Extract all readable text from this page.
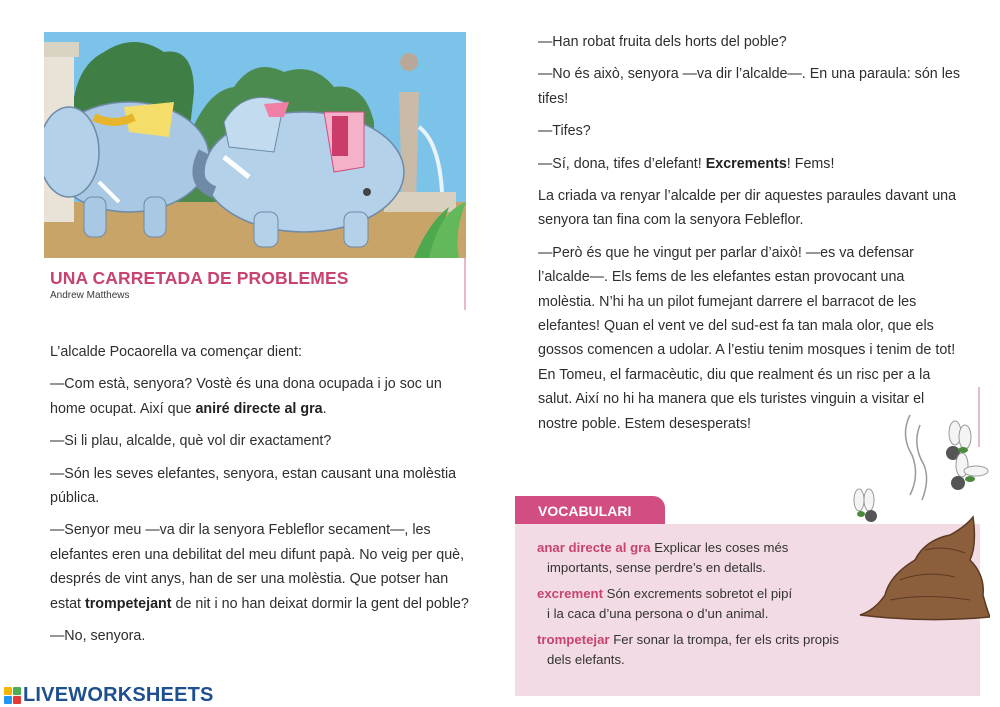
UNA CARRETADA DE PROBLEMES
Andrew Matthews

L’alcalde Pocaorella va començar dient:

—Com està, senyora? Vostè és una dona ocupada i jo soc un home ocupat. Així que aniré directe al gra.

—Si li plau, alcalde, què vol dir exactament?

—Són les seves elefantes, senyora, estan causant una molèstia pública.

—Senyor meu —va dir la senyora Febleflor secament—, les elefantes eren una debilitat del meu difunt papà. No veig per què, després de vint anys, han de ser una molèstia. Que potser han estat trompetejant de nit i no han deixat dormir la gent del poble?

—No, senyora.

—Han robat fruita dels horts del poble?

—No és això, senyora —va dir l’alcalde—. En una paraula: són les tifes!

—Tifes?

—Sí, dona, tifes d’elefant! Excrements! Fems!

La criada va renyar l’alcalde per dir aquestes paraules davant una senyora tan fina com la senyora Febleflor.

—Però és que he vingut per parlar d’això! —es va defensar l’alcalde—. Els fems de les elefantes estan provocant una molèstia. N’hi ha un pilot fumejant darrere el barracot de les elefantes! Quan el vent ve del sud-est fa tan mala olor, que els gossos comencen a udolar. A l’estiu tenim mosques i tenim de tot! En Tomeu, el farmacèutic, diu que realment és un risc per a la salut. Així no hi ha manera que els turistes vinguin a visitar el nostre poble. Estem desesperats!

VOCABULARI
anar directe al gra Explicar les coses més
importants, sense perdre’s en detalls.
excrement Són excrements sobretot el pipí
i la caca d’una persona o d’un animal.
trompetejar Fer sonar la trompa, fer els crits propis
dels elefants.
LIVEWORKSHEETS
